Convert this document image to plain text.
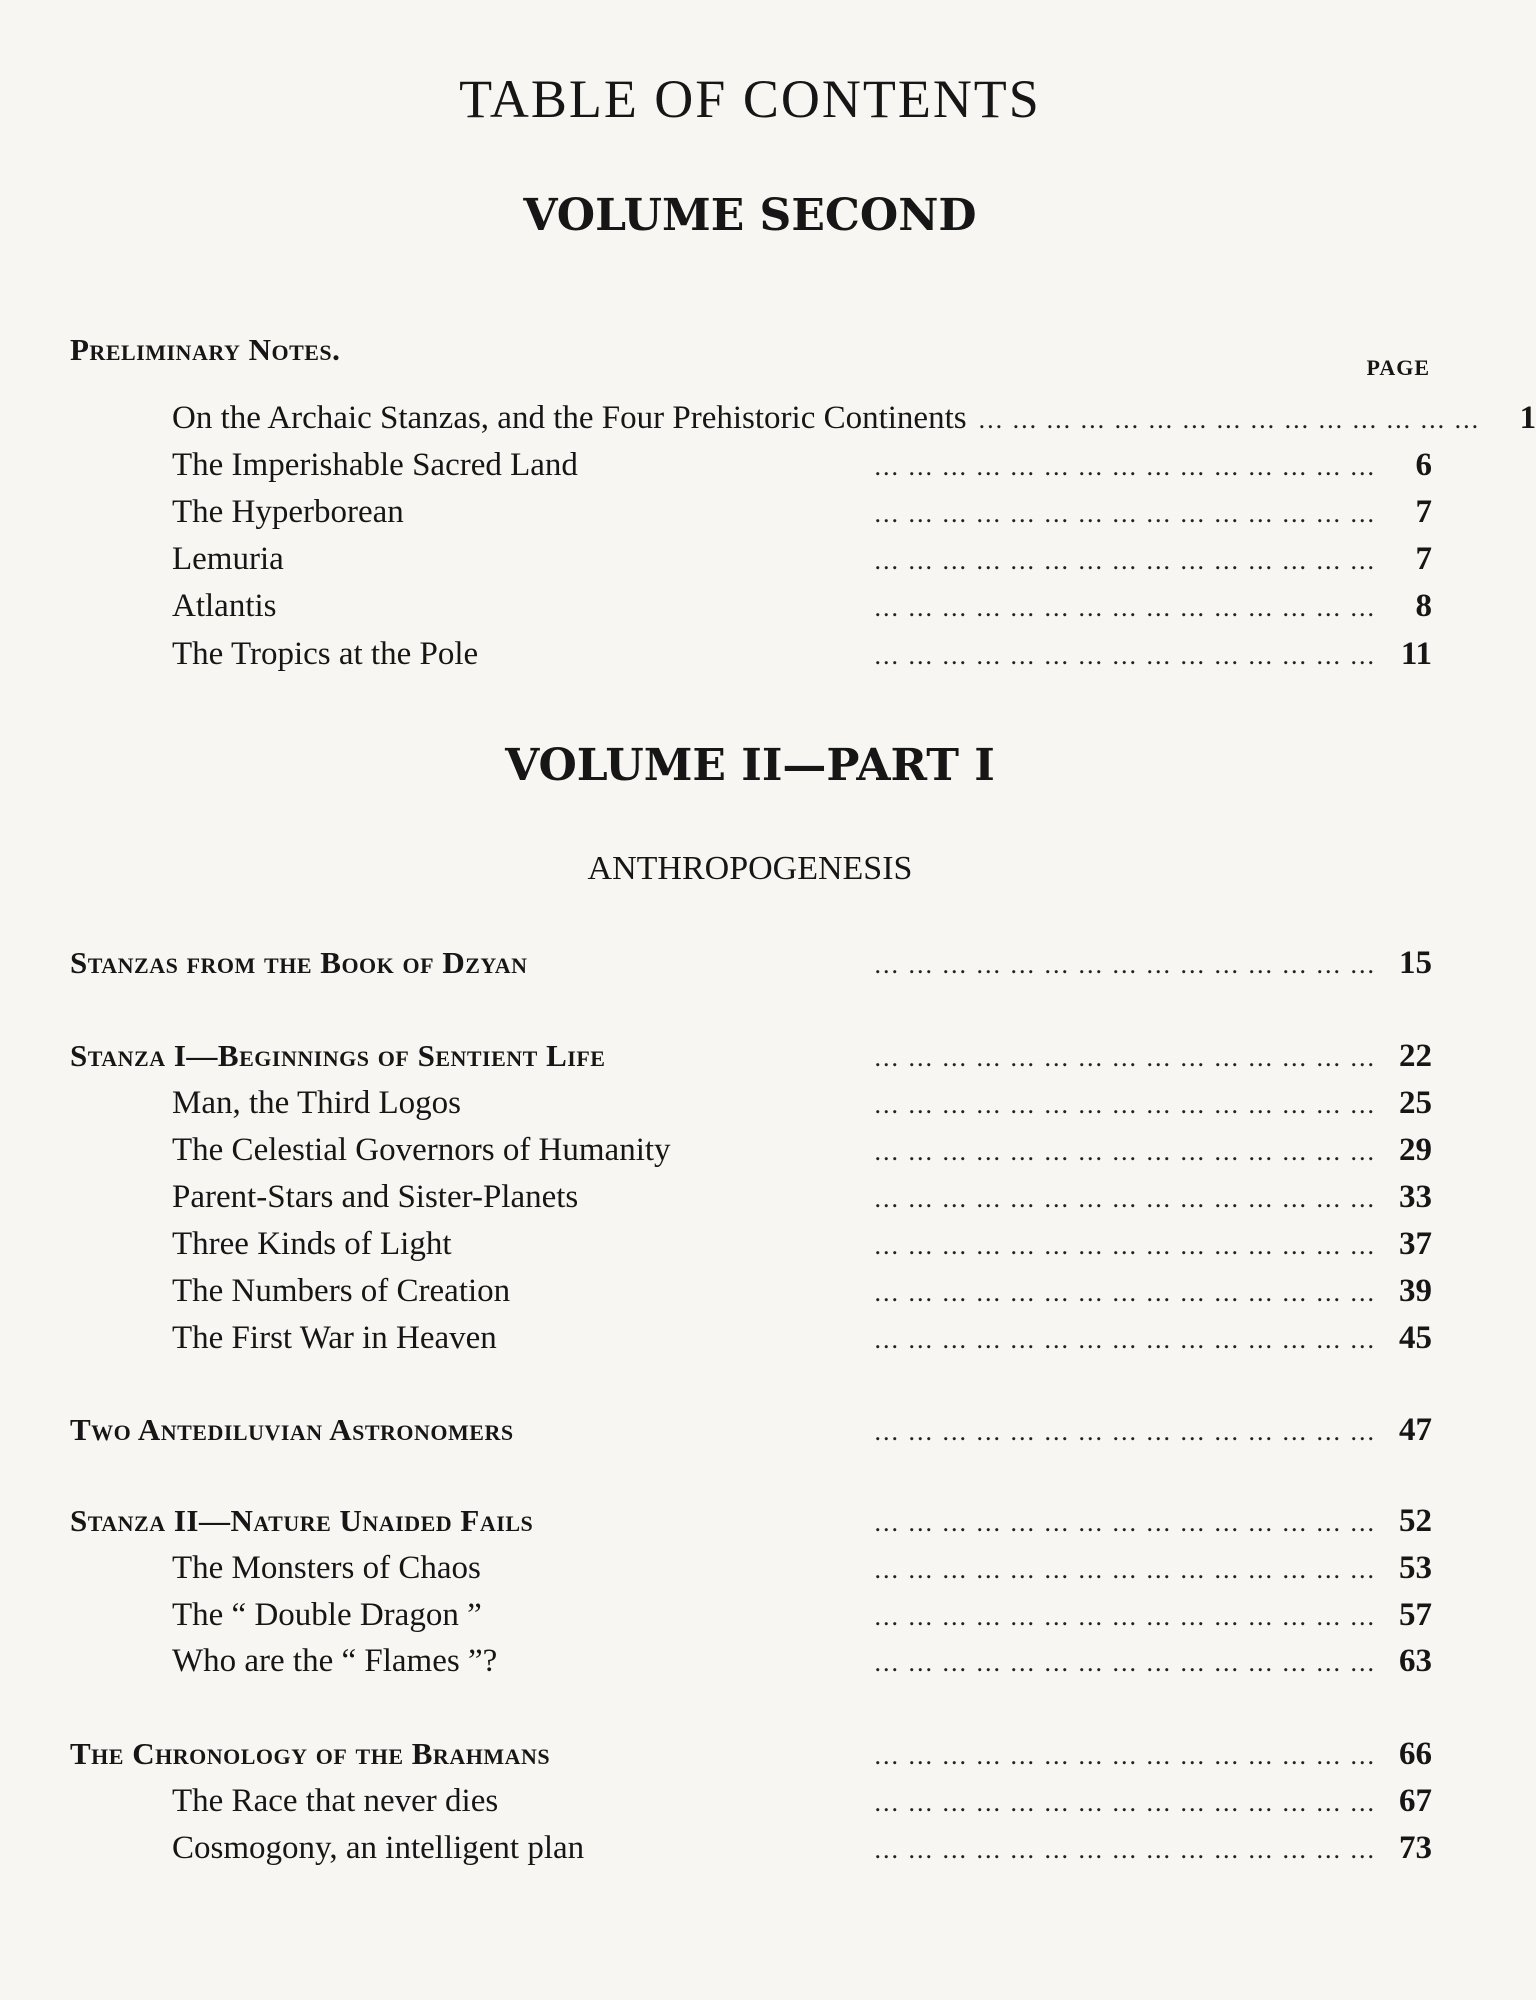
TABLE OF CONTENTS
VOLUME SECOND
PAGE
VOLUME II—PART I
ANTHROPOGENESIS
Preliminary Notes.
On the Archaic Stanzas, and the Four Prehistoric Continents ... ... ... ... ... ... ... ... ... ... ... ... ... ... ...	1
The Imperishable Sacred Land	... ... ... ... ... ... ... ... ... ... ... ... ... ... ...	6
The Hyperborean	... ... ... ... ... ... ... ... ... ... ... ... ... ... ...	7
Lemuria	... ... ... ... ... ... ... ... ... ... ... ... ... ... ...	7
Atlantis	... ... ... ... ... ... ... ... ... ... ... ... ... ... ...	8
The Tropics at the Pole	... ... ... ... ... ... ... ... ... ... ... ... ... ... ... 11
Stanzas from the Book of Dzyan	... ... ... ... ... ... ... ... ... ... ... ... ... ... ... 15
Stanza I—Beginnings of Sentient Life	... ... ... ... ... ... ... ... ... ... ... ... ... ... ... 22
Man, the Third Logos	... ... ... ... ... ... ... ... ... ... ... ... ... ... ... 25
The Celestial Governors of Humanity	... ... ... ... ... ... ... ... ... ... ... ... ... ... ... 29
Parent-Stars and Sister-Planets	... ... ... ... ... ... ... ... ... ... ... ... ... ... ... 33
Three Kinds of Light	... ... ... ... ... ... ... ... ... ... ... ... ... ... ... 37
The Numbers of Creation	... ... ... ... ... ... ... ... ... ... ... ... ... ... ... 39
The First War in Heaven	... ... ... ... ... ... ... ... ... ... ... ... ... ... ... 45
Two Antediluvian Astronomers	... ... ... ... ... ... ... ... ... ... ... ... ... ... ... 47
Stanza II—Nature Unaided Fails	... ... ... ... ... ... ... ... ... ... ... ... ... ... ... 52
The Monsters of Chaos	... ... ... ... ... ... ... ... ... ... ... ... ... ... ... 53
The “ Double Dragon ”	... ... ... ... ... ... ... ... ... ... ... ... ... ... ... 57
Who are the “ Flames ”?	... ... ... ... ... ... ... ... ... ... ... ... ... ... ... 63
The Chronology of the Brahmans	... ... ... ... ... ... ... ... ... ... ... ... ... ... ... 66
The Race that never dies	... ... ... ... ... ... ... ... ... ... ... ... ... ... ... 67
Cosmogony, an intelligent plan	... ... ... ... ... ... ... ... ... ... ... ... ... ... ... 73
